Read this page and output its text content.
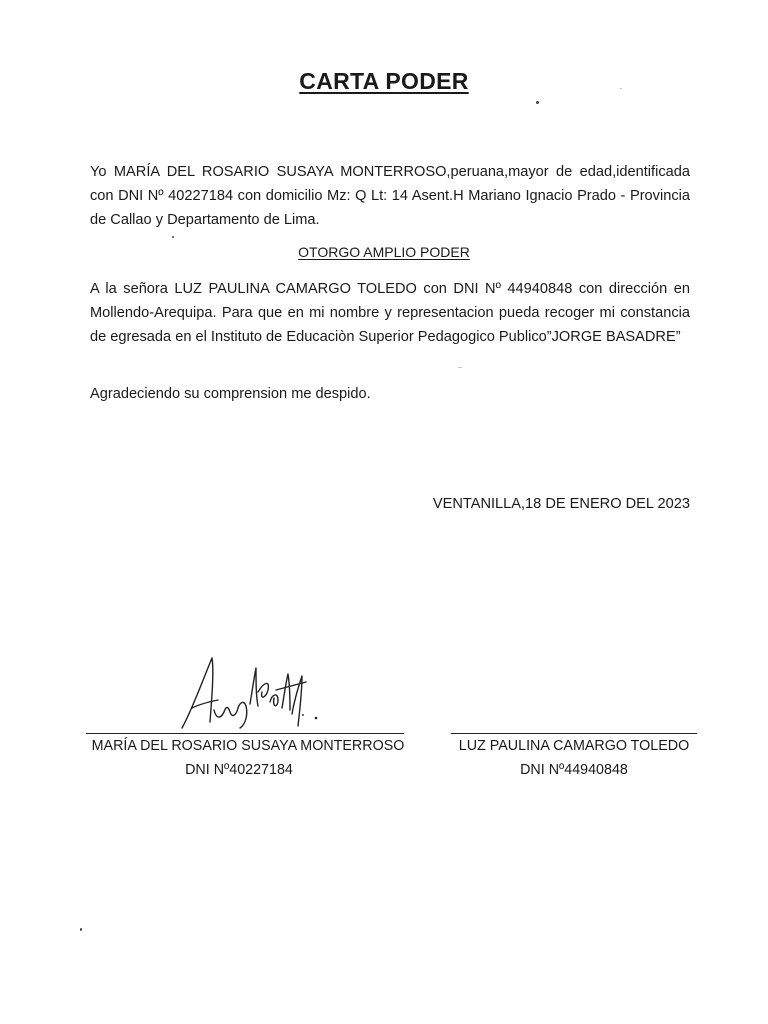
CARTA PODER

Yo MARÍA DEL ROSARIO SUSAYA MONTERROSO,peruana,mayor de edad,identificada con DNI Nº 40227184 con domicilio Mz: Q Lt: 14 Asent.H Mariano Ignacio Prado - Provincia de Callao y Departamento de Lima.

OTORGO AMPLIO PODER

A la señora LUZ PAULINA CAMARGO TOLEDO con DNI Nº 44940848 con dirección en Mollendo-Arequipa. Para que en mi nombre y representacion pueda recoger mi constancia de egresada en el Instituto de Educaciòn Superior Pedagogico Publico”JORGE BASADRE”

Agradeciendo su comprension me despido.

VENTANILLA,18 DE ENERO DEL 2023

MARÍA DEL ROSARIO SUSAYA MONTERROSO

DNI Nº40227184

LUZ PAULINA CAMARGO TOLEDO

DNI Nº44940848
